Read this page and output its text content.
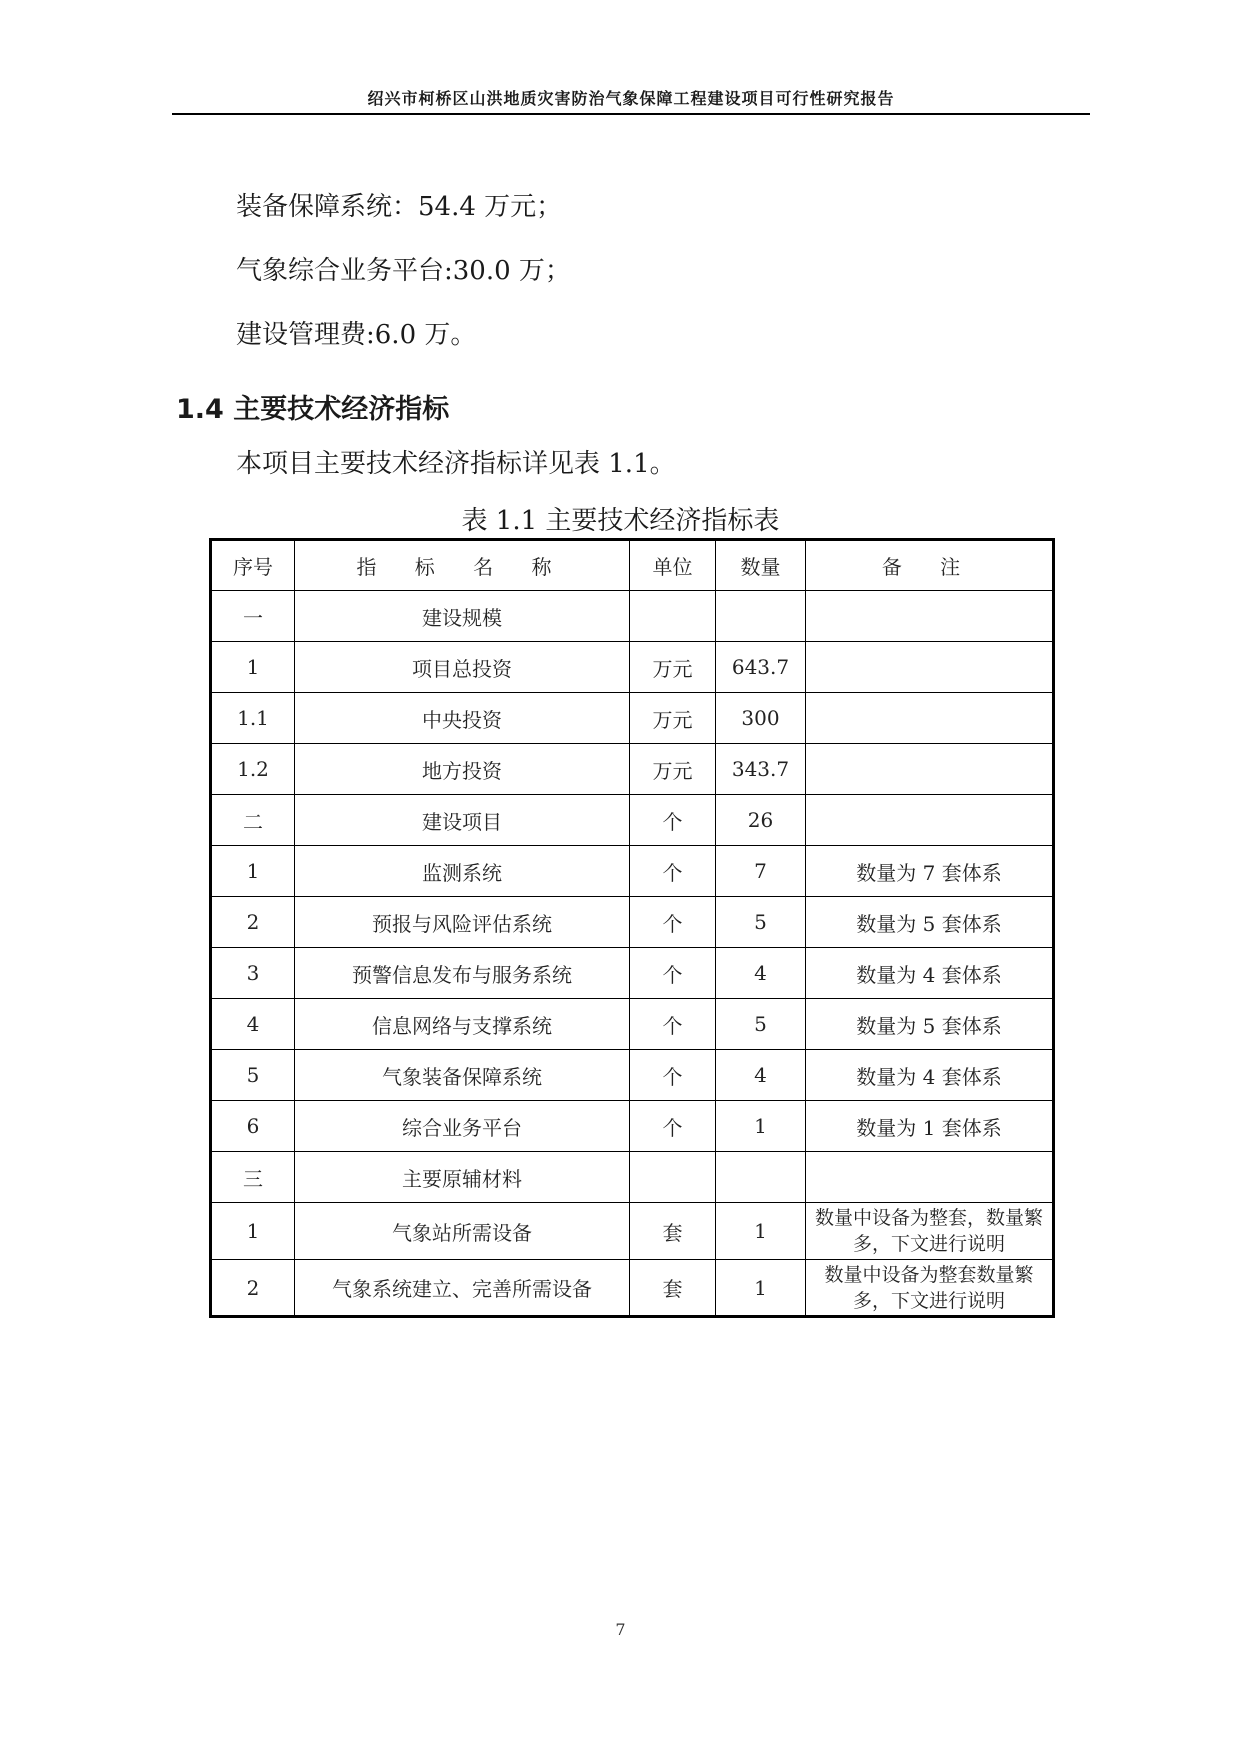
绍兴市柯桥区山洪地质灾害防治气象保障工程建设项目可行性研究报告
装备保障系统：54.4 万元；
气象综合业务平台:30.0 万；
建设管理费:6.0 万。
1.4 主要技术经济指标
本项目主要技术经济指标详见表 1.1。
表 1.1 主要技术经济指标表
序号	指 标 名 称	单位	数量	备 注
一	建设规模			
1	项目总投资	万元	643.7	
1.1	中央投资	万元	300	
1.2	地方投资	万元	343.7	
二	建设项目	个	26	
1	监测系统	个	7	数量为 7 套体系
2	预报与风险评估系统	个	5	数量为 5 套体系
3	预警信息发布与服务系统	个	4	数量为 4 套体系
4	信息网络与支撑系统	个	5	数量为 5 套体系
5	气象装备保障系统	个	4	数量为 4 套体系
6	综合业务平台	个	1	数量为 1 套体系
三	主要原辅材料			
1	气象站所需设备	套	1	数量中设备为整套，数量繁多，下文进行说明
2	气象系统建立、完善所需设备	套	1	数量中设备为整套数量繁多，下文进行说明
7
